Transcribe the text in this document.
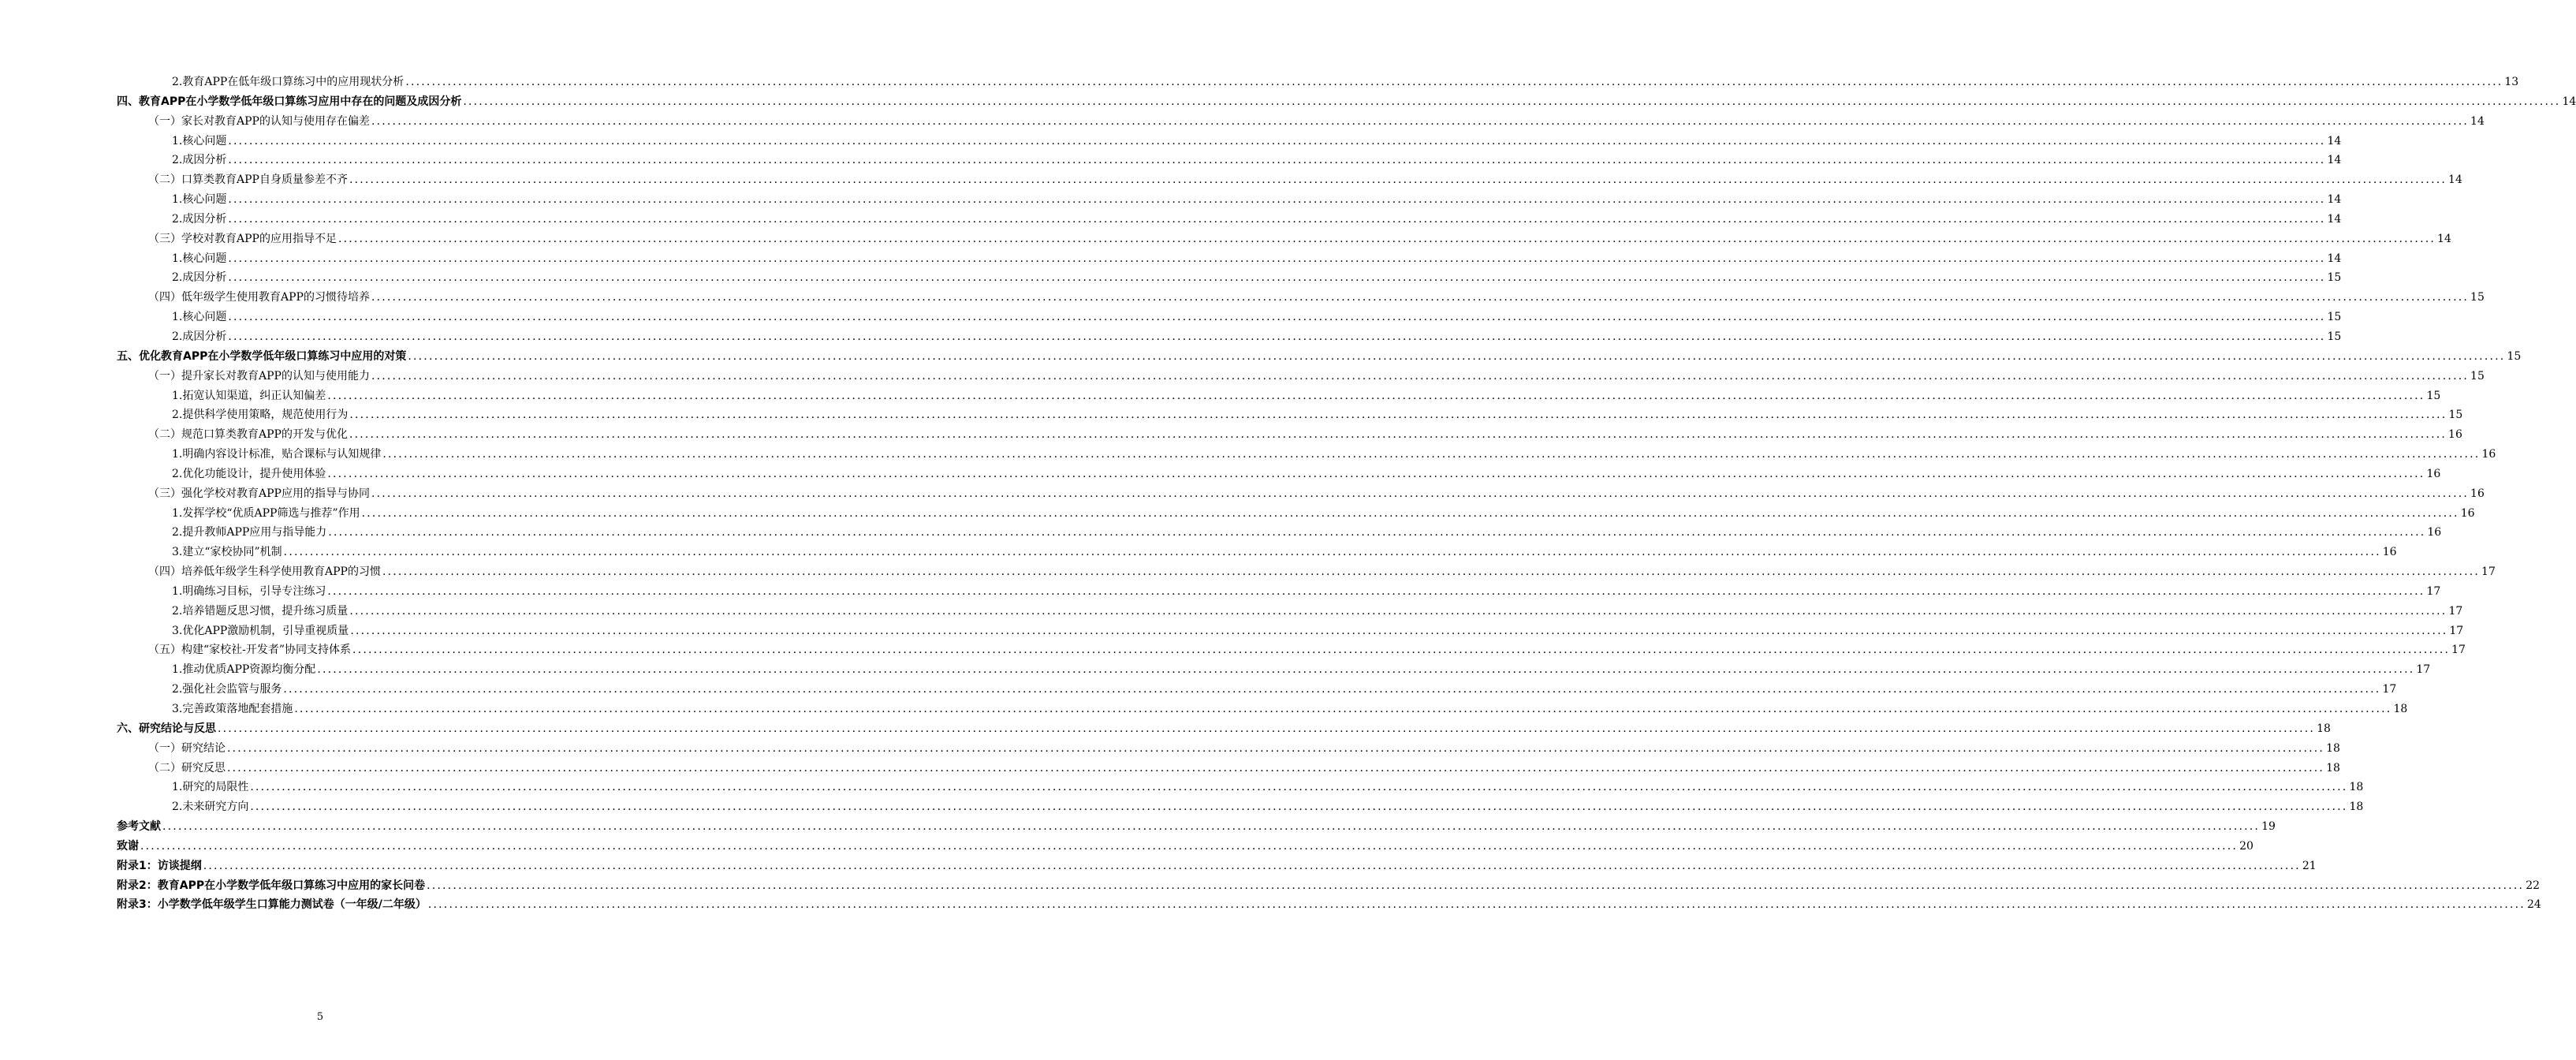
2.教育APP在低年级口算练习中的应用现状分析 ................................................................................................................................................................................................................................................................................................................................................................................................................ 13
四、教育APP在小学数学低年级口算练习应用中存在的问题及成因分析 ................................................................................................................................................................................................................................................................................................................................................................................................................ 14
（一）家长对教育APP的认知与使用存在偏差 ................................................................................................................................................................................................................................................................................................................................................................................................................ 14
1.核心问题 ................................................................................................................................................................................................................................................................................................................................................................................................................ 14
2.成因分析 ................................................................................................................................................................................................................................................................................................................................................................................................................ 14
（二）口算类教育APP自身质量参差不齐 ................................................................................................................................................................................................................................................................................................................................................................................................................ 14
1.核心问题 ................................................................................................................................................................................................................................................................................................................................................................................................................ 14
2.成因分析 ................................................................................................................................................................................................................................................................................................................................................................................................................ 14
（三）学校对教育APP的应用指导不足 ................................................................................................................................................................................................................................................................................................................................................................................................................ 14
1.核心问题 ................................................................................................................................................................................................................................................................................................................................................................................................................ 14
2.成因分析 ................................................................................................................................................................................................................................................................................................................................................................................................................ 15
（四）低年级学生使用教育APP的习惯待培养 ................................................................................................................................................................................................................................................................................................................................................................................................................ 15
1.核心问题 ................................................................................................................................................................................................................................................................................................................................................................................................................ 15
2.成因分析 ................................................................................................................................................................................................................................................................................................................................................................................................................ 15
五、优化教育APP在小学数学低年级口算练习中应用的对策 ................................................................................................................................................................................................................................................................................................................................................................................................................ 15
（一）提升家长对教育APP的认知与使用能力 ................................................................................................................................................................................................................................................................................................................................................................................................................ 15
1.拓宽认知渠道，纠正认知偏差 ................................................................................................................................................................................................................................................................................................................................................................................................................ 15
2.提供科学使用策略，规范使用行为 ................................................................................................................................................................................................................................................................................................................................................................................................................ 15
（二）规范口算类教育APP的开发与优化 ................................................................................................................................................................................................................................................................................................................................................................................................................ 16
1.明确内容设计标准，贴合课标与认知规律 ................................................................................................................................................................................................................................................................................................................................................................................................................ 16
2.优化功能设计，提升使用体验 ................................................................................................................................................................................................................................................................................................................................................................................................................ 16
（三）强化学校对教育APP应用的指导与协同 ................................................................................................................................................................................................................................................................................................................................................................................................................ 16
1.发挥学校“优质APP筛选与推荐”作用 ................................................................................................................................................................................................................................................................................................................................................................................................................ 16
2.提升教师APP应用与指导能力 ................................................................................................................................................................................................................................................................................................................................................................................................................ 16
3.建立“家校协同”机制 ................................................................................................................................................................................................................................................................................................................................................................................................................ 16
（四）培养低年级学生科学使用教育APP的习惯 ................................................................................................................................................................................................................................................................................................................................................................................................................ 17
1.明确练习目标，引导专注练习 ................................................................................................................................................................................................................................................................................................................................................................................................................ 17
2.培养错题反思习惯，提升练习质量 ................................................................................................................................................................................................................................................................................................................................................................................................................ 17
3.优化APP激励机制，引导重视质量 ................................................................................................................................................................................................................................................................................................................................................................................................................ 17
（五）构建“家校社-开发者”协同支持体系 ................................................................................................................................................................................................................................................................................................................................................................................................................ 17
1.推动优质APP资源均衡分配 ................................................................................................................................................................................................................................................................................................................................................................................................................ 17
2.强化社会监管与服务 ................................................................................................................................................................................................................................................................................................................................................................................................................ 17
3.完善政策落地配套措施 ................................................................................................................................................................................................................................................................................................................................................................................................................ 18
六、研究结论与反思 ................................................................................................................................................................................................................................................................................................................................................................................................................ 18
（一）研究结论 ................................................................................................................................................................................................................................................................................................................................................................................................................ 18
（二）研究反思 ................................................................................................................................................................................................................................................................................................................................................................................................................ 18
1.研究的局限性 ................................................................................................................................................................................................................................................................................................................................................................................................................ 18
2.未来研究方向 ................................................................................................................................................................................................................................................................................................................................................................................................................ 18
参考文献 ................................................................................................................................................................................................................................................................................................................................................................................................................ 19
致谢 ................................................................................................................................................................................................................................................................................................................................................................................................................ 20
附录1：访谈提纲 ................................................................................................................................................................................................................................................................................................................................................................................................................ 21
附录2：教育APP在小学数学低年级口算练习中应用的家长问卷 ................................................................................................................................................................................................................................................................................................................................................................................................................ 22
附录3：小学数学低年级学生口算能力测试卷（一年级/二年级） ................................................................................................................................................................................................................................................................................................................................................................................................................ 24
5
